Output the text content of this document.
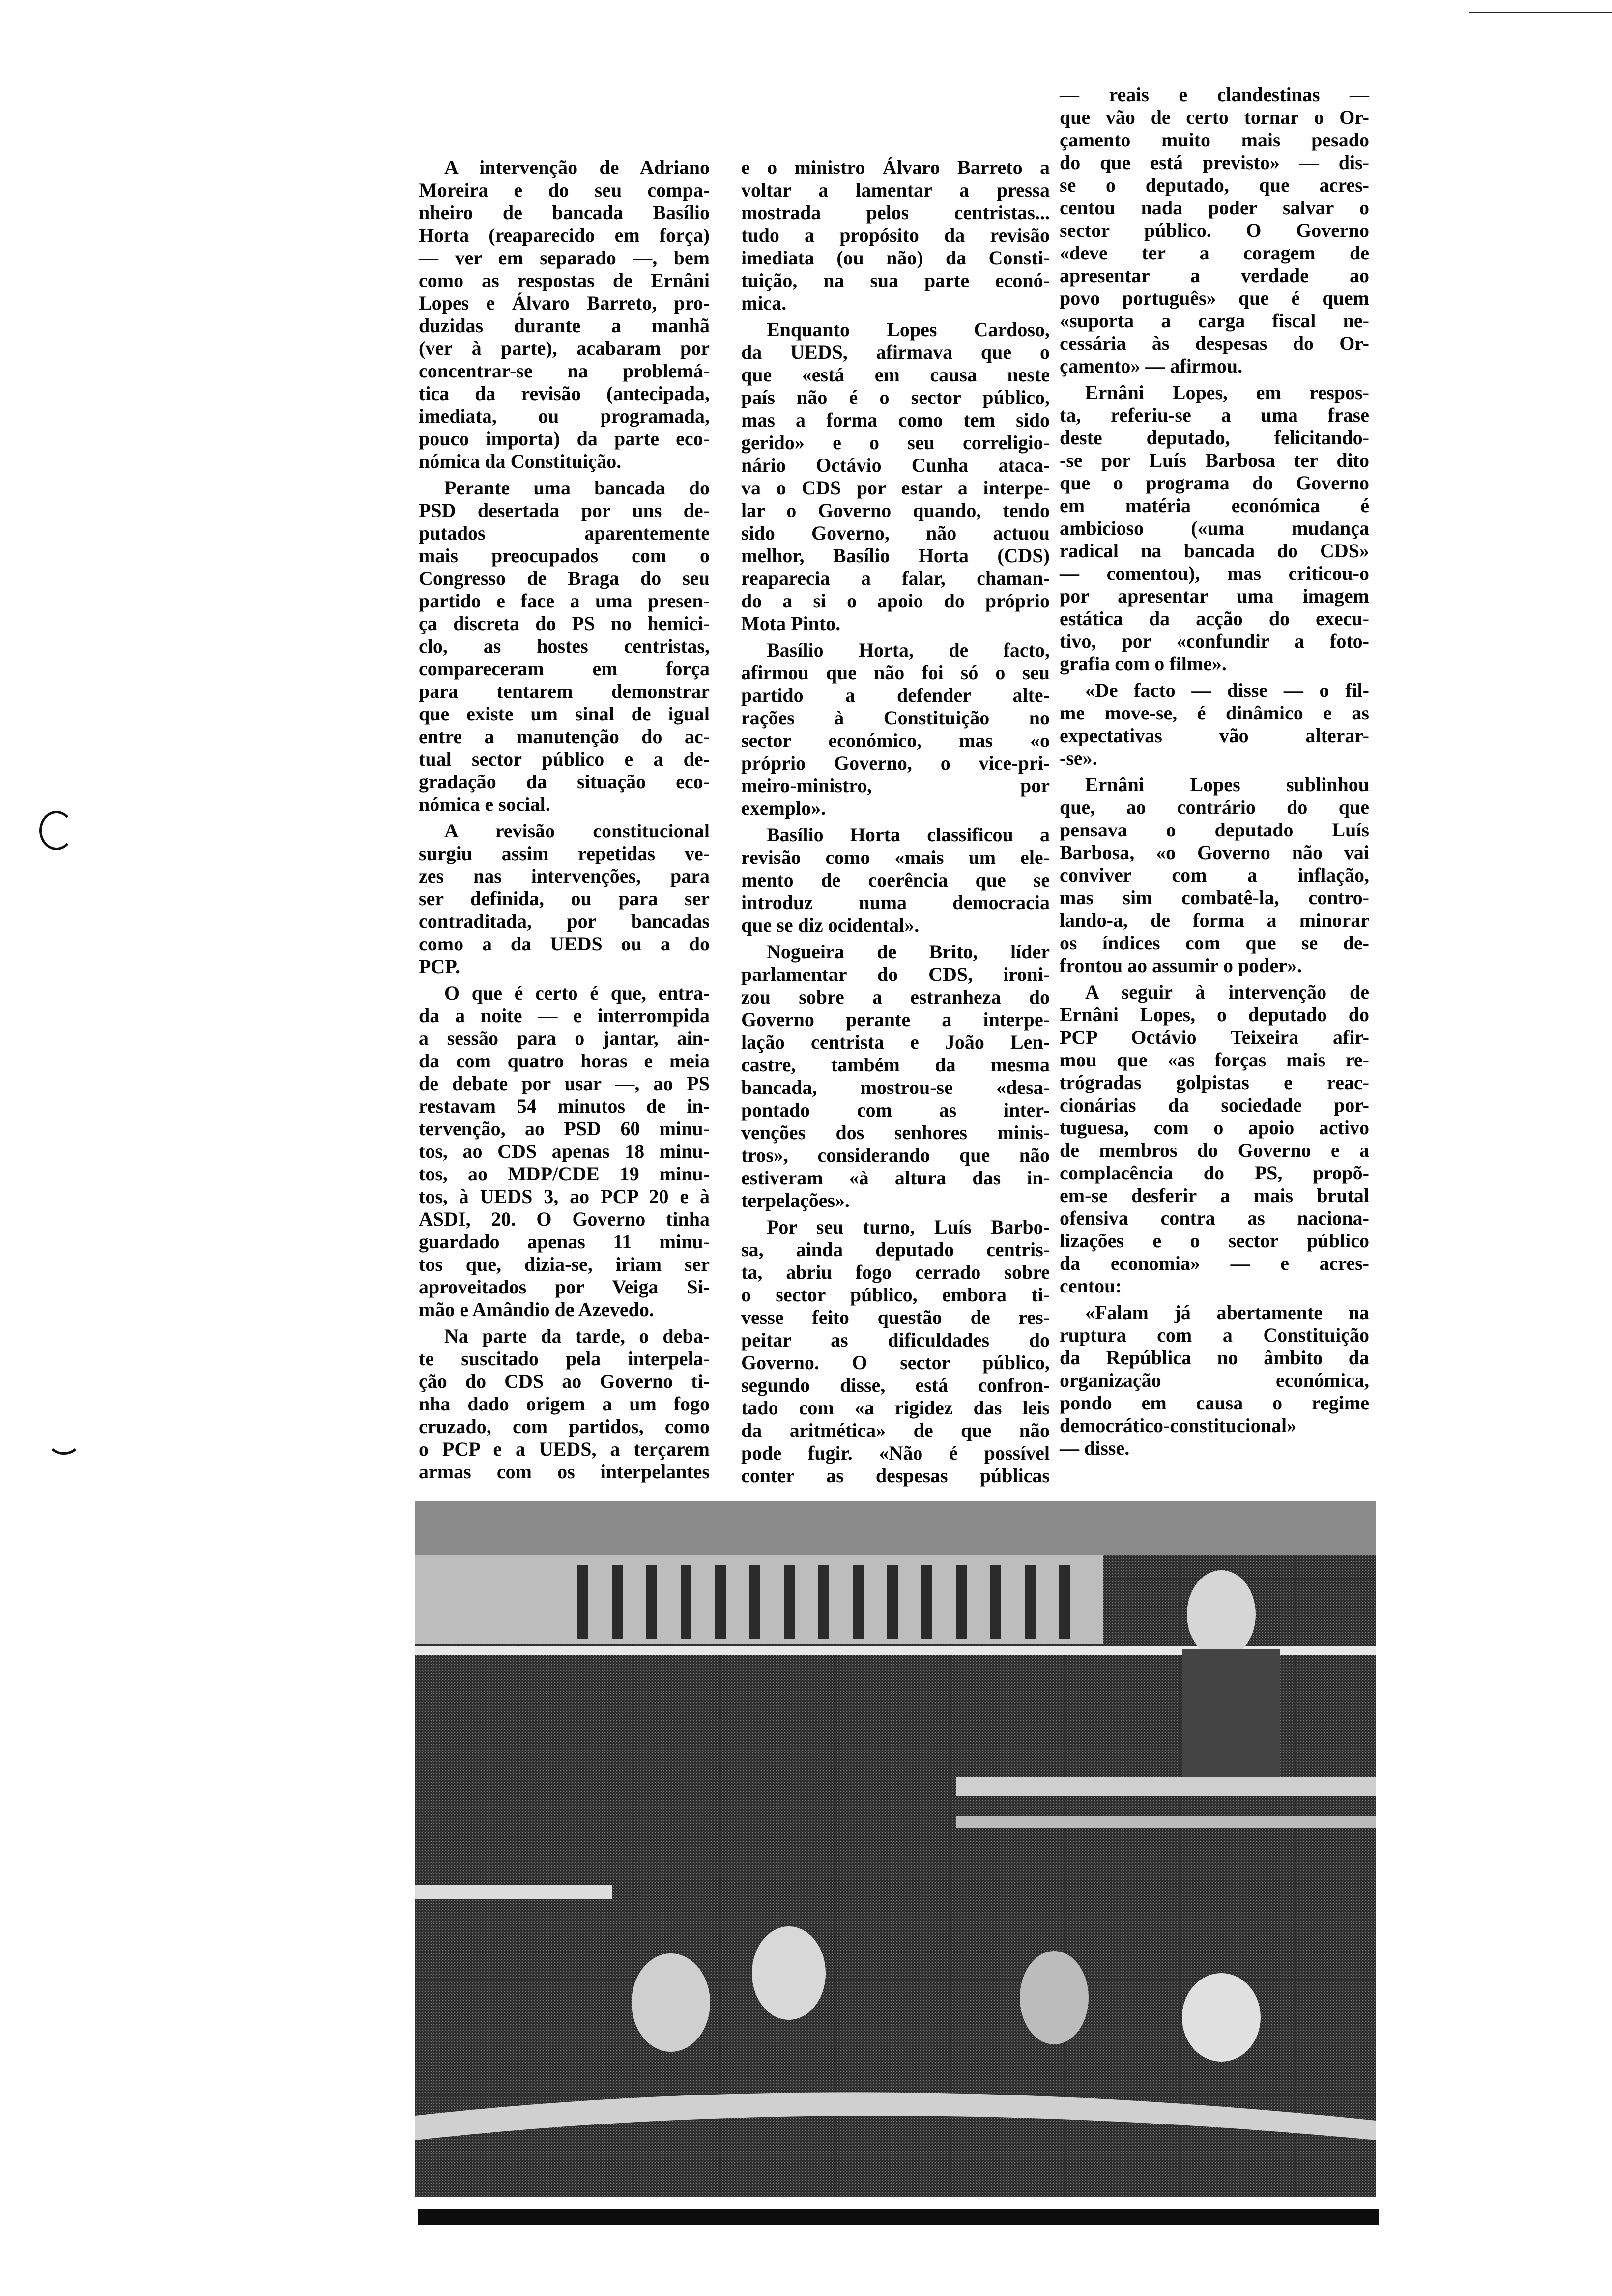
A intervenção de Adriano
Moreira e do seu compa-
nheiro de bancada Basílio
Horta (reaparecido em força)
— ver em separado —, bem
como as respostas de Ernâni
Lopes e Álvaro Barreto, pro-
duzidas durante a manhã
(ver à parte), acabaram por
concentrar-se na problemá-
tica da revisão (antecipada,
imediata, ou programada,
pouco importa) da parte eco-
nómica da Constituição.
Perante uma bancada do
PSD desertada por uns de-
putados aparentemente
mais preocupados com o
Congresso de Braga do seu
partido e face a uma presen-
ça discreta do PS no hemici-
clo, as hostes centristas,
compareceram em força
para tentarem demonstrar
que existe um sinal de igual
entre a manutenção do ac-
tual sector público e a de-
gradação da situação eco-
nómica e social.
A revisão constitucional
surgiu assim repetidas ve-
zes nas intervenções, para
ser definida, ou para ser
contraditada, por bancadas
como a da UEDS ou a do
PCP.
O que é certo é que, entra-
da a noite — e interrompida
a sessão para o jantar, ain-
da com quatro horas e meia
de debate por usar —, ao PS
restavam 54 minutos de in-
tervenção, ao PSD 60 minu-
tos, ao CDS apenas 18 minu-
tos, ao MDP/CDE 19 minu-
tos, à UEDS 3, ao PCP 20 e à
ASDI, 20. O Governo tinha
guardado apenas 11 minu-
tos que, dizia-se, iriam ser
aproveitados por Veiga Si-
mão e Amândio de Azevedo.
Na parte da tarde, o deba-
te suscitado pela interpela-
ção do CDS ao Governo ti-
nha dado origem a um fogo
cruzado, com partidos, como
o PCP e a UEDS, a terçarem
armas com os interpelantes
e o ministro Álvaro Barreto a
voltar a lamentar a pressa
mostrada pelos centristas...
tudo a propósito da revisão
imediata (ou não) da Consti-
tuição, na sua parte econó-
mica.
Enquanto Lopes Cardoso,
da UEDS, afirmava que o
que «está em causa neste
país não é o sector público,
mas a forma como tem sido
gerido» e o seu correligio-
nário Octávio Cunha ataca-
va o CDS por estar a interpe-
lar o Governo quando, tendo
sido Governo, não actuou
melhor, Basílio Horta (CDS)
reaparecia a falar, chaman-
do a si o apoio do próprio
Mota Pinto.
Basílio Horta, de facto,
afirmou que não foi só o seu
partido a defender alte-
rações à Constituição no
sector económico, mas «o
próprio Governo, o vice-pri-
meiro-ministro, por
exemplo».
Basílio Horta classificou a
revisão como «mais um ele-
mento de coerência que se
introduz numa democracia
que se diz ocidental».
Nogueira de Brito, líder
parlamentar do CDS, ironi-
zou sobre a estranheza do
Governo perante a interpe-
lação centrista e João Len-
castre, também da mesma
bancada, mostrou-se «desa-
pontado com as inter-
venções dos senhores minis-
tros», considerando que não
estiveram «à altura das in-
terpelações».
Por seu turno, Luís Barbo-
sa, ainda deputado centris-
ta, abriu fogo cerrado sobre
o sector público, embora ti-
vesse feito questão de res-
peitar as dificuldades do
Governo. O sector público,
segundo disse, está confron-
tado com «a rigidez das leis
da aritmética» de que não
pode fugir. «Não é possível
conter as despesas públicas
— reais e clandestinas —
que vão de certo tornar o Or-
çamento muito mais pesado
do que está previsto» — dis-
se o deputado, que acres-
centou nada poder salvar o
sector público. O Governo
«deve ter a coragem de
apresentar a verdade ao
povo português» que é quem
«suporta a carga fiscal ne-
cessária às despesas do Or-
çamento» — afirmou.
Ernâni Lopes, em respos-
ta, referiu-se a uma frase
deste deputado, felicitando-
-se por Luís Barbosa ter dito
que o programa do Governo
em matéria económica é
ambicioso («uma mudança
radical na bancada do CDS»
— comentou), mas criticou-o
por apresentar uma imagem
estática da acção do execu-
tivo, por «confundir a foto-
grafia com o filme».
«De facto — disse — o fil-
me move-se, é dinâmico e as
expectativas vão alterar-
-se».
Ernâni Lopes sublinhou
que, ao contrário do que
pensava o deputado Luís
Barbosa, «o Governo não vai
conviver com a inflação,
mas sim combatê-la, contro-
lando-a, de forma a minorar
os índices com que se de-
frontou ao assumir o poder».
A seguir à intervenção de
Ernâni Lopes, o deputado do
PCP Octávio Teixeira afir-
mou que «as forças mais re-
trógradas golpistas e reac-
cionárias da sociedade por-
tuguesa, com o apoio activo
de membros do Governo e a
complacência do PS, propõ-
em-se desferir a mais brutal
ofensiva contra as naciona-
lizações e o sector público
da economia» — e acres-
centou:
«Falam já abertamente na
ruptura com a Constituição
da República no âmbito da
organização económica,
pondo em causa o regime
democrático-constitucional»
— disse.
